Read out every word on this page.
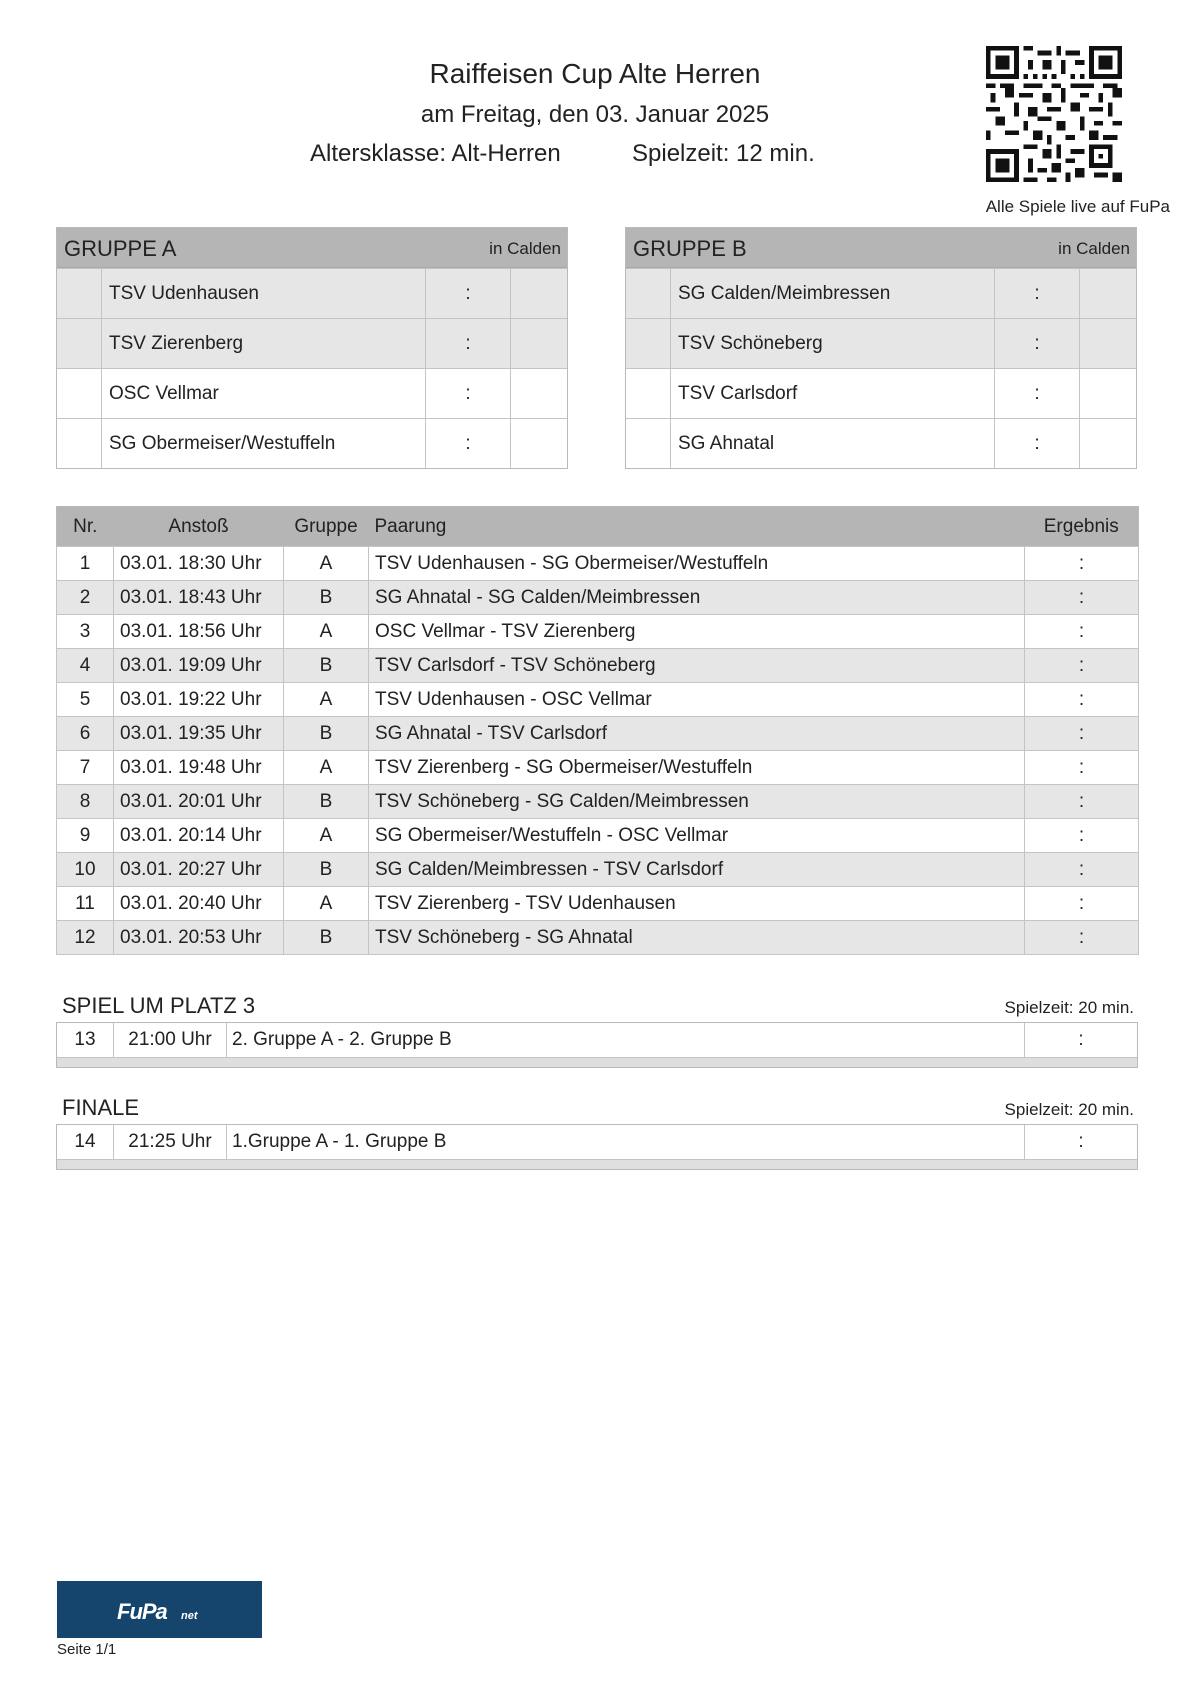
Raiffeisen Cup Alte Herren
am Freitag, den 03. Januar 2025
Altersklasse: Alt-Herren	Spielzeit: 12 min.
Alle Spiele live auf FuPa
GRUPPE A	in Calden
TSV Udenhausen	:
TSV Zierenberg	:
OSC Vellmar	:
SG Obermeiser/Westuffeln	:
GRUPPE B	in Calden
SG Calden/Meimbressen	:
TSV Schöneberg	:
TSV Carlsdorf	:
SG Ahnatal	:
Nr.	Anstoß	Gruppe	Paarung	Ergebnis
1	03.01. 18:30 Uhr	A	TSV Udenhausen - SG Obermeiser/Westuffeln	:
2	03.01. 18:43 Uhr	B	SG Ahnatal - SG Calden/Meimbressen	:
3	03.01. 18:56 Uhr	A	OSC Vellmar - TSV Zierenberg	:
4	03.01. 19:09 Uhr	B	TSV Carlsdorf - TSV Schöneberg	:
5	03.01. 19:22 Uhr	A	TSV Udenhausen - OSC Vellmar	:
6	03.01. 19:35 Uhr	B	SG Ahnatal - TSV Carlsdorf	:
7	03.01. 19:48 Uhr	A	TSV Zierenberg - SG Obermeiser/Westuffeln	:
8	03.01. 20:01 Uhr	B	TSV Schöneberg - SG Calden/Meimbressen	:
9	03.01. 20:14 Uhr	A	SG Obermeiser/Westuffeln - OSC Vellmar	:
10	03.01. 20:27 Uhr	B	SG Calden/Meimbressen - TSV Carlsdorf	:
11	03.01. 20:40 Uhr	A	TSV Zierenberg - TSV Udenhausen	:
12	03.01. 20:53 Uhr	B	TSV Schöneberg - SG Ahnatal	:
SPIEL UM PLATZ 3	Spielzeit: 20 min.
13	21:00 Uhr	2. Gruppe A - 2. Gruppe B	:
FINALE	Spielzeit: 20 min.
14	21:25 Uhr	1.Gruppe A - 1. Gruppe B	:
FuPa net
Seite 1/1
